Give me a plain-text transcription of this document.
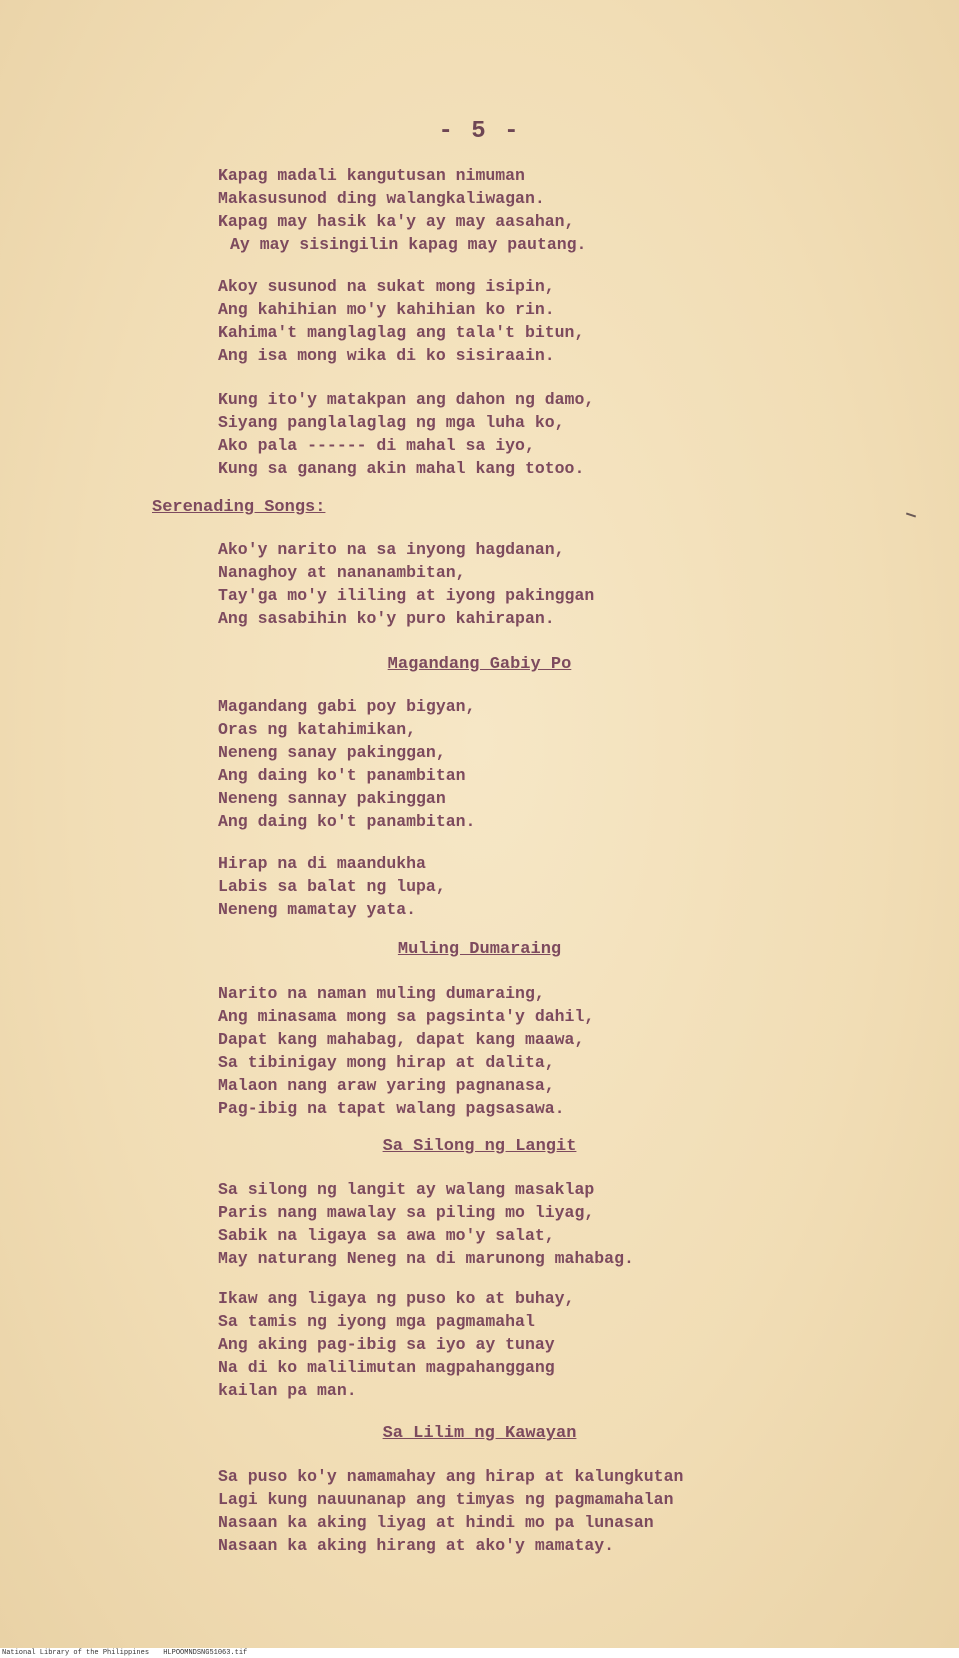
- 5 -
Kapag madali kangutusan nimuman
Makasusunod ding walangkaliwagan.
Kapag may hasik ka'y ay may aasahan,
Ay may sisingilin kapag may pautang.
Akoy susunod na sukat mong isipin,
Ang kahihian mo'y kahihian ko rin.
Kahima't manglaglag ang tala't bitun,
Ang isa mong wika di ko sisiraain.
Kung ito'y matakpan ang dahon ng damo,
Siyang panglalaglag ng mga luha ko,
Ako pala ------ di mahal sa iyo,
Kung sa ganang akin mahal kang totoo.
Serenading Songs:
Ako'y narito na sa inyong hagdanan,
Nanaghoy at nananambitan,
Tay'ga mo'y ililing at iyong pakinggan
Ang sasabihin ko'y puro kahirapan.
Magandang Gabiy Po
Magandang gabi poy bigyan,
Oras ng katahimikan,
Neneng sanay pakinggan,
Ang daing ko't panambitan
Neneng sannay pakinggan
Ang daing ko't panambitan.
Hirap na di maandukha
Labis sa balat ng lupa,
Neneng mamatay yata.
Muling Dumaraing
Narito na naman muling dumaraing,
Ang minasama mong sa pagsinta'y dahil,
Dapat kang mahabag, dapat kang maawa,
Sa tibinigay mong hirap at dalita,
Malaon nang araw yaring pagnanasa,
Pag-ibig na tapat walang pagsasawa.
Sa Silong ng Langit
Sa silong ng langit ay walang masaklap
Paris nang mawalay sa piling mo liyag,
Sabik na ligaya sa awa mo'y salat,
May naturang Neneg na di marunong mahabag.
Ikaw ang ligaya ng puso ko at buhay,
Sa tamis ng iyong mga pagmamahal
Ang aking pag-ibig sa iyo ay tunay
Na di ko malilimutan magpahanggang
kailan pa man.
Sa Lilim ng Kawayan
Sa puso ko'y namamahay ang hirap at kalungkutan
Lagi kung nauunanap ang timyas ng pagmamahalan
Nasaan ka aking liyag at hindi mo pa lunasan
Nasaan ka aking hirang at ako'y mamatay.
National Library of the Philippines HLPOOMNDSNG51063.tif
